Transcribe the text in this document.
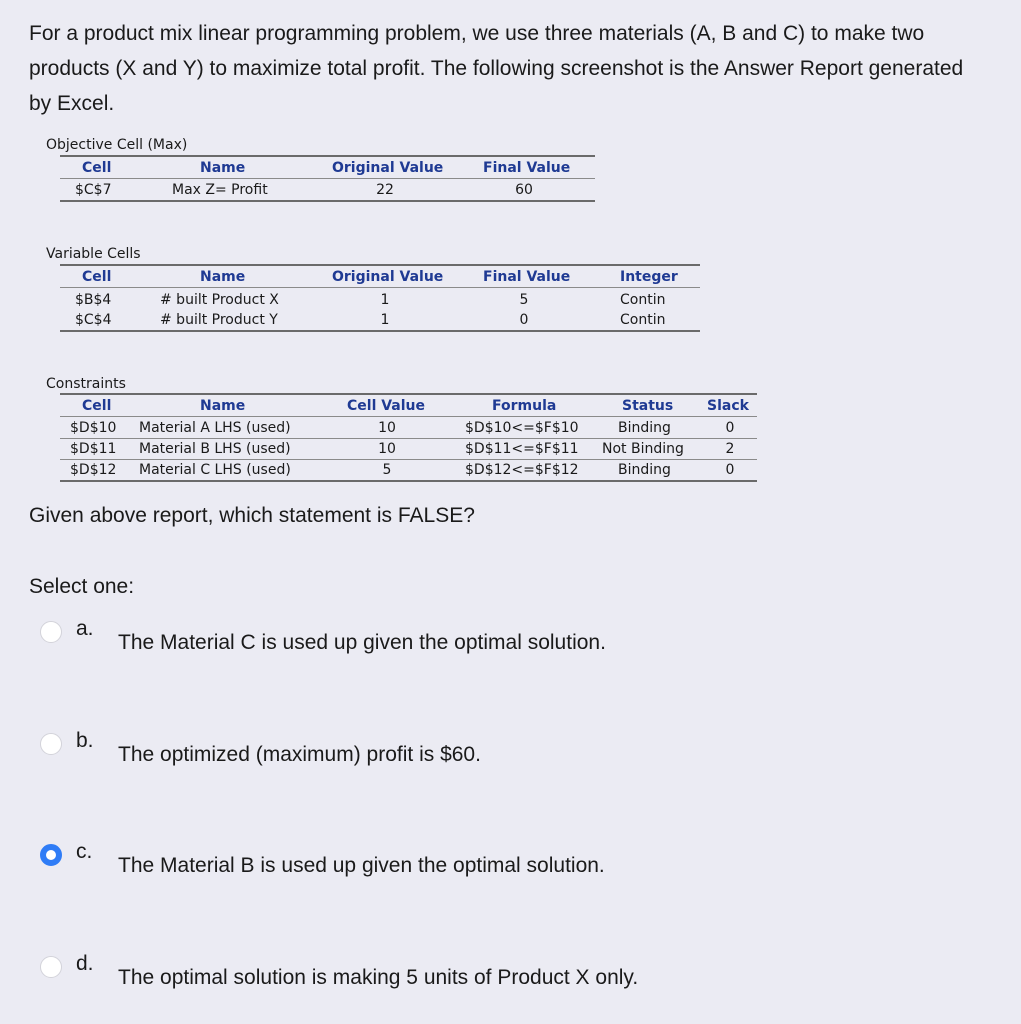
For a product mix linear programming problem, we use three materials (A, B and C) to make two products (X and Y) to maximize total profit. The following screenshot is the Answer Report generated by Excel.

Objective Cell (Max)
Cell	Name	Original Value	Final Value
$C$7	Max Z= Profit	22	60
Variable Cells
Cell	Name	Original Value	Final Value	Integer
$B$4	# built Product X	1	5	Contin
$C$4	# built Product Y	1	0	Contin
Constraints
Cell	Name	Cell Value	Formula	Status Slack
$D$10 Material A LHS (used)	10	$D$10<=$F$10	Binding	0
$D$11 Material B LHS (used)	10	$D$11<=$F$11 Not Binding	2
$D$12 Material C LHS (used)	5	$D$12<=$F$12	Binding	0

Given above report, which statement is FALSE?

Select one:

a.
The Material C is used up given the optimal solution.
b.
The optimized (maximum) profit is $60.
c.
The Material B is used up given the optimal solution.
d.
The optimal solution is making 5 units of Product X only.
